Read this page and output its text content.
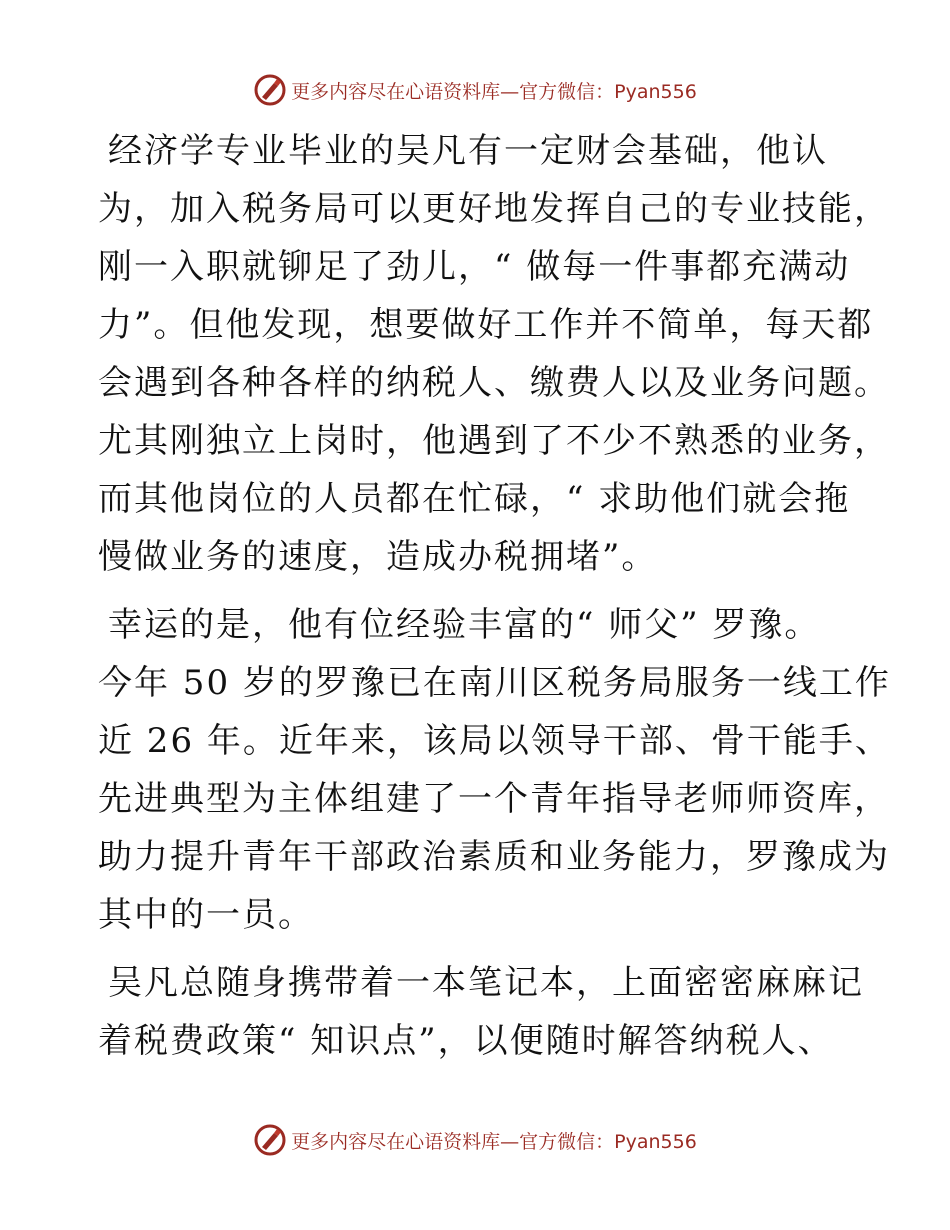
更多内容尽在心语资料库—官方微信：Pyan556

经济学专业毕业的吴凡有一定财会基础，他认
为，加入税务局可以更好地发挥自己的专业技能，
刚一入职就铆足了劲儿，“ 做每一件事都充满动
力”。但他发现，想要做好工作并不简单，每天都
会遇到各种各样的纳税人、缴费人以及业务问题。
尤其刚独立上岗时，他遇到了不少不熟悉的业务，
而其他岗位的人员都在忙碌，“ 求助他们就会拖
慢做业务的速度，造成办税拥堵”。

幸运的是，他有位经验丰富的“ 师父” 罗豫。
今年 50 岁的罗豫已在南川区税务局服务一线工作
近 26 年。近年来，该局以领导干部、骨干能手、
先进典型为主体组建了一个青年指导老师师资库，
助力提升青年干部政治素质和业务能力，罗豫成为
其中的一员。

吴凡总随身携带着一本笔记本，上面密密麻麻记
着税费政策“ 知识点”，以便随时解答纳税人、

更多内容尽在心语资料库—官方微信：Pyan556
